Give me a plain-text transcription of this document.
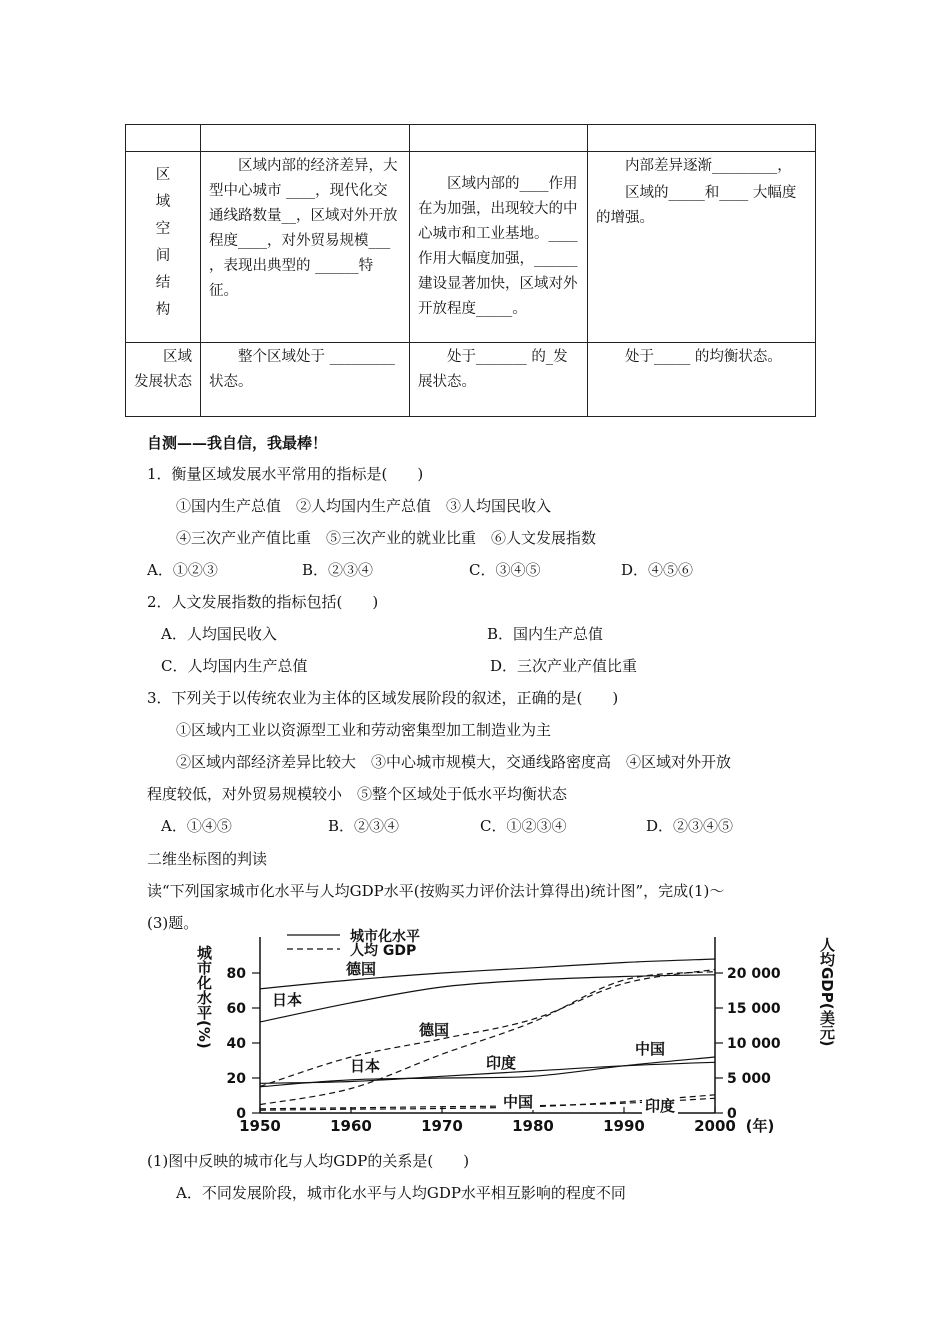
区域空间结构	区域内部的经济差异，大型中心城市 ____，现代化交通线路数量__，区域对外开放程度____，对外贸易规模___ ，表现出典型的 ______特征。	区域内部的____作用在为加强，出现较大的中心城市和工业基地。____ 作用大幅度加强，______ 建设显著加快，区域对外开放程度_____。	内部差异逐渐_________，
区域的_____和____ 大幅度的增强。

区域发展状态	整个区域处于 _________ 状态。	处于_______ 的_发展状态。	处于_____ 的均衡状态。
自测——我自信，我最棒！
1．衡量区域发展水平常用的指标是(　　)
①国内生产总值　②人均国内生产总值　③人均国民收入
④三次产业产值比重　⑤三次产业的就业比重　⑥人文发展指数
A．①②③	B．②③④	C．③④⑤	D．④⑤⑥
2．人文发展指数的指标包括(　　)
A．人均国民收入	B．国内生产总值
C．人均国内生产总值	D．三次产业产值比重
3．下列关于以传统农业为主体的区域发展阶段的叙述，正确的是(　　)
①区域内工业以资源型工业和劳动密集型加工制造业为主
②区域内部经济差异比较大　③中心城市规模大，交通线路密度高　④区域对外开放
程度较低，对外贸易规模较小　⑤整个区域处于低水平均衡状态
A．①④⑤	B．②③④	C．①②③④	D．②③④⑤
二维坐标图的判读
读“下列国家城市化水平与人均GDP水平(按购买力评价法计算得出)统计图”，完成(1)～
(3)题。
0
20
40
60
80
0
5 000
10 000
15 000
20 000
1950	1960	1970	1980	1990	2000 (年)
城市化水平(%)	人均GDP(美元)
城市化水平
人均 GDP
德国
日本
德国
日本
中国
印度
中国	印度
(1)图中反映的城市化与人均GDP的关系是(　　)
A．不同发展阶段，城市化水平与人均GDP水平相互影响的程度不同
